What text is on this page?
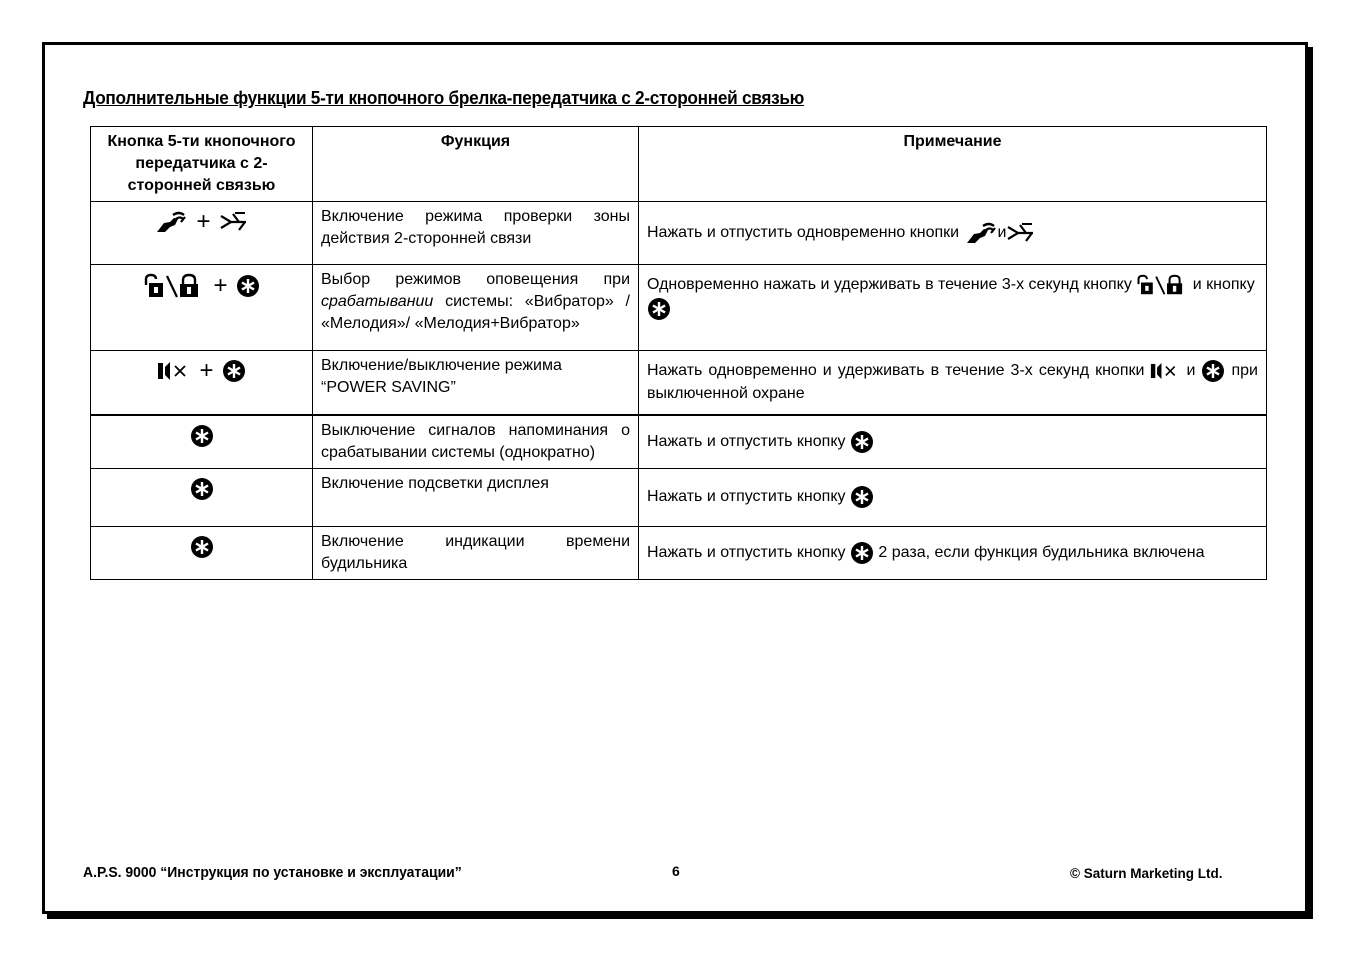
Дополнительные функции 5-ти кнопочного брелка-передатчика с 2-сторонней связью
Кнопка 5-ти кнопочного передатчика с 2-сторонней связью	Функция	Примечание
+	Включение режима проверки зоны действия 2-сторонней связи	Нажать и отпустить одновременно кнопки и
+	Выбор режимов оповещения при срабатывании системы: «Вибратор» / «Мелодия»/ «Мелодия+Вибратор»	Одновременно нажать и удерживать в течение 3-х секунд кнопку и кнопку
+	Включение/выключение режима “POWER SAVING”	Нажать одновременно и удерживать в течение 3-х секунд кнопки  и  при выключенной охране
	Выключение сигналов напоминания о срабатывании системы (однократно)	Нажать и отпустить кнопку
	Включение подсветки дисплея	Нажать и отпустить кнопку
	Включение индикации времени будильника	Нажать и отпустить кнопку  2 раза, если функция будильника включена
A.P.S. 9000 “Инструкция по установке и эксплуатации”	6	© Saturn Marketing Ltd.
